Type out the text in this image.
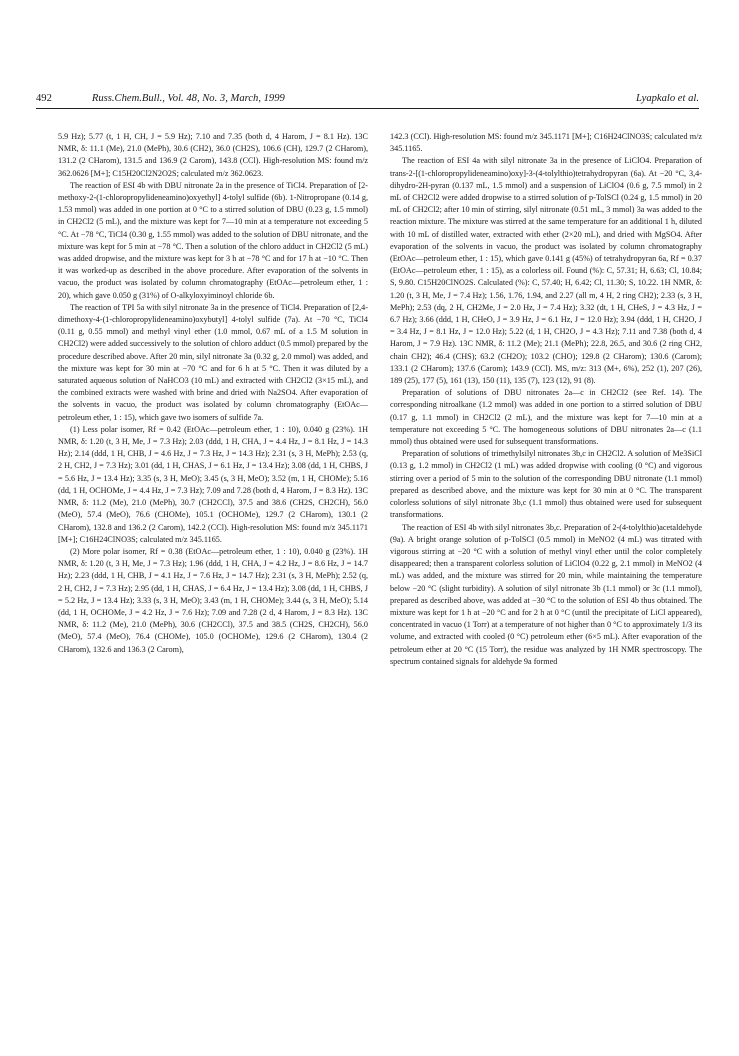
492	Russ.Chem.Bull., Vol. 48, No. 3, March, 1999	Lyapkalo et al.

5.9 Hz); 5.77 (t, 1 H, CH, J = 5.9 Hz); 7.10 and 7.35 (both d, 4 Harom, J = 8.1 Hz). 13C NMR, δ: 11.1 (Me), 21.0 (MePh), 30.6 (CH2), 36.0 (CH2S), 106.6 (CH), 129.7 (2 CHarom), 131.2 (2 CHarom), 131.5 and 136.9 (2 Carom), 143.8 (CCl). High-resolution MS: found m/z 362.0626 [M+]; C15H20Cl2N2O2S; calculated m/z 362.0623.

The reaction of ESI 4b with DBU nitronate 2a in the presence of TiCl4. Preparation of [2-methoxy-2-(1-chloropropylideneamino)oxyethyl] 4-tolyl sulfide (6b). 1-Nitropropane (0.14 g, 1.53 mmol) was added in one portion at 0 °C to a stirred solution of DBU (0.23 g, 1.5 mmol) in CH2Cl2 (5 mL), and the mixture was kept for 7—10 min at a temperature not exceeding 5 °C. At −78 °C, TiCl4 (0.30 g, 1.55 mmol) was added to the solution of DBU nitronate, and the mixture was kept for 5 min at −78 °C. Then a solution of the chloro adduct in CH2Cl2 (5 mL) was added dropwise, and the mixture was kept for 3 h at −78 °C and for 17 h at −10 °C. Then it was worked-up as described in the above procedure. After evaporation of the solvents in vacuo, the product was isolated by column chromatography (EtOAc—petroleum ether, 1 : 20), which gave 0.050 g (31%) of O-alkyloxyiminoyl chloride 6b.

The reaction of TPI 5a with silyl nitronate 3a in the presence of TiCl4. Preparation of [2,4-dimethoxy-4-(1-chloropropylideneamino)oxybutyl] 4-tolyl sulfide (7a). At −70 °C, TiCl4 (0.11 g, 0.55 mmol) and methyl vinyl ether (1.0 mmol, 0.67 mL of a 1.5 M solution in CH2Cl2) were added successively to the solution of chloro adduct (0.5 mmol) prepared by the procedure described above. After 20 min, silyl nitronate 3a (0.32 g, 2.0 mmol) was added, and the mixture was kept for 30 min at −70 °C and for 6 h at 5 °C. Then it was diluted by a saturated aqueous solution of NaHCO3 (10 mL) and extracted with CH2Cl2 (3×15 mL), and the combined extracts were washed with brine and dried with Na2SO4. After evaporation of the solvents in vacuo, the product was isolated by column chromatography (EtOAc—petroleum ether, 1 : 15), which gave two isomers of sulfide 7a.

(1) Less polar isomer, Rf = 0.42 (EtOAc—petroleum ether, 1 : 10), 0.040 g (23%). 1H NMR, δ: 1.20 (t, 3 H, Me, J = 7.3 Hz); 2.03 (ddd, 1 H, CHA, J = 4.4 Hz, J = 8.1 Hz, J = 14.3 Hz); 2.14 (ddd, 1 H, CHB, J = 4.6 Hz, J = 7.3 Hz, J = 14.3 Hz); 2.31 (s, 3 H, MePh); 2.53 (q, 2 H, CH2, J = 7.3 Hz); 3.01 (dd, 1 H, CHAS, J = 6.1 Hz, J = 13.4 Hz); 3.08 (dd, 1 H, CHBS, J = 5.6 Hz, J = 13.4 Hz); 3.35 (s, 3 H, MeO); 3.45 (s, 3 H, MeO); 3.52 (m, 1 H, CHOMe); 5.16 (dd, 1 H, OCHOMe, J = 4.4 Hz, J = 7.3 Hz); 7.09 and 7.28 (both d, 4 Harom, J = 8.3 Hz). 13C NMR, δ: 11.2 (Me), 21.0 (MePh), 30.7 (CH2CCl), 37.5 and 38.6 (CH2S, CH2CH), 56.0 (MeO), 57.4 (MeO), 76.6 (CHOMe), 105.1 (OCHOMe), 129.7 (2 CHarom), 130.1 (2 CHarom), 132.8 and 136.2 (2 Carom), 142.2 (CCl). High-resolution MS: found m/z 345.1171 [M+]; C16H24ClNO3S; calculated m/z 345.1165.

(2) More polar isomer, Rf = 0.38 (EtOAc—petroleum ether, 1 : 10), 0.040 g (23%). 1H NMR, δ: 1.20 (t, 3 H, Me, J = 7.3 Hz); 1.96 (ddd, 1 H, CHA, J = 4.2 Hz, J = 8.6 Hz, J = 14.7 Hz); 2.23 (ddd, 1 H, CHB, J = 4.1 Hz, J = 7.6 Hz, J = 14.7 Hz); 2.31 (s, 3 H, MePh); 2.52 (q, 2 H, CH2, J = 7.3 Hz); 2.95 (dd, 1 H, CHAS, J = 6.4 Hz, J = 13.4 Hz); 3.08 (dd, 1 H, CHBS, J = 5.2 Hz, J = 13.4 Hz); 3.33 (s, 3 H, MeO); 3.43 (m, 1 H, CHOMe); 3.44 (s, 3 H, MeO); 5.14 (dd, 1 H, OCHOMe, J = 4.2 Hz, J = 7.6 Hz); 7.09 and 7.28 (2 d, 4 Harom, J = 8.3 Hz). 13C NMR, δ: 11.2 (Me), 21.0 (MePh), 30.6 (CH2CCl), 37.5 and 38.5 (CH2S, CH2CH), 56.0 (MeO), 57.4 (MeO), 76.4 (CHOMe), 105.0 (OCHOMe), 129.6 (2 CHarom), 130.4 (2 CHarom), 132.6 and 136.3 (2 Carom),

142.3 (CCl). High-resolution MS: found m/z 345.1171 [M+]; C16H24ClNO3S; calculated m/z 345.1165.

The reaction of ESI 4a with silyl nitronate 3a in the presence of LiClO4. Preparation of trans-2-[(1-chloropropylideneamino)oxy]-3-(4-tolylthio)tetrahydropyran (6a). At −20 °C, 3,4-dihydro-2H-pyran (0.137 mL, 1.5 mmol) and a suspension of LiClO4 (0.6 g, 7.5 mmol) in 2 mL of CH2Cl2 were added dropwise to a stirred solution of p-TolSCl (0.24 g, 1.5 mmol) in 20 mL of CH2Cl2; after 10 min of stirring, silyl nitronate (0.51 mL, 3 mmol) 3a was added to the reaction mixture. The mixture was stirred at the same temperature for an additional 1 h, diluted with 10 mL of distilled water, extracted with ether (2×20 mL), and dried with MgSO4. After evaporation of the solvents in vacuo, the product was isolated by column chromatography (EtOAc—petroleum ether, 1 : 15), which gave 0.141 g (45%) of tetrahydropyran 6a, Rf = 0.37 (EtOAc—petroleum ether, 1 : 15), as a colorless oil. Found (%): C, 57.31; H, 6.63; Cl, 10.84; S, 9.80. C15H20ClNO2S. Calculated (%): C, 57.40; H, 6.42; Cl, 11.30; S, 10.22. 1H NMR, δ: 1.20 (t, 3 H, Me, J = 7.4 Hz); 1.56, 1.76, 1.94, and 2.27 (all m, 4 H, 2 ring CH2); 2.33 (s, 3 H, MePh); 2.53 (dq, 2 H, CH2Me, J = 2.0 Hz, J = 7.4 Hz); 3.32 (dt, 1 H, CHeS, J = 4.3 Hz, J = 6.7 Hz); 3.66 (ddd, 1 H, CHeO, J = 3.9 Hz, J = 6.1 Hz, J = 12.0 Hz); 3.94 (ddd, 1 H, CH2O, J = 3.4 Hz, J = 8.1 Hz, J = 12.0 Hz); 5.22 (d, 1 H, CH2O, J = 4.3 Hz); 7.11 and 7.38 (both d, 4 Harom, J = 7.9 Hz). 13C NMR, δ: 11.2 (Me); 21.1 (MePh); 22.8, 26.5, and 30.6 (2 ring CH2, chain CH2); 46.4 (CHS); 63.2 (CH2O); 103.2 (CHO); 129.8 (2 CHarom); 130.6 (Carom); 133.1 (2 CHarom); 137.6 (Carom); 143.9 (CCl). MS, m/z: 313 (M+, 6%), 252 (1), 207 (26), 189 (25), 177 (5), 161 (13), 150 (11), 135 (7), 123 (12), 91 (8).

Preparation of solutions of DBU nitronates 2a—c in CH2Cl2 (see Ref. 14). The corresponding nitroalkane (1.2 mmol) was added in one portion to a stirred solution of DBU (0.17 g, 1.1 mmol) in CH2Cl2 (2 mL), and the mixture was kept for 7—10 min at a temperature not exceeding 5 °C. The homogeneous solutions of DBU nitronates 2a—c (1.1 mmol) thus obtained were used for subsequent transformations.

Preparation of solutions of trimethylsilyl nitronates 3b,c in CH2Cl2. A solution of Me3SiCl (0.13 g, 1.2 mmol) in CH2Cl2 (1 mL) was added dropwise with cooling (0 °C) and vigorous stirring over a period of 5 min to the solution of the corresponding DBU nitronate (1.1 mmol) prepared as described above, and the mixture was kept for 30 min at 0 °C. The transparent colorless solutions of silyl nitronate 3b,c (1.1 mmol) thus obtained were used for subsequent transformations.

The reaction of ESI 4b with silyl nitronates 3b,c. Preparation of 2-(4-tolylthio)acetaldehyde (9a). A bright orange solution of p-TolSCl (0.5 mmol) in MeNO2 (4 mL) was titrated with vigorous stirring at −20 °C with a solution of methyl vinyl ether until the color completely disappeared; then a transparent colorless solution of LiClO4 (0.22 g, 2.1 mmol) in MeNO2 (4 mL) was added, and the mixture was stirred for 20 min, while maintaining the temperature below −20 °C (slight turbidity). A solution of silyl nitronate 3b (1.1 mmol) or 3c (1.1 mmol), prepared as described above, was added at −30 °C to the solution of ESI 4b thus obtained. The mixture was kept for 1 h at −20 °C and for 2 h at 0 °C (until the precipitate of LiCl appeared), concentrated in vacuo (1 Torr) at a temperature of not higher than 0 °C to approximately 1/3 its volume, and extracted with cooled (0 °C) petroleum ether (6×5 mL). After evaporation of the petroleum ether at 20 °C (15 Torr), the residue was analyzed by 1H NMR spectroscopy. The spectrum contained signals for aldehyde 9a formed
